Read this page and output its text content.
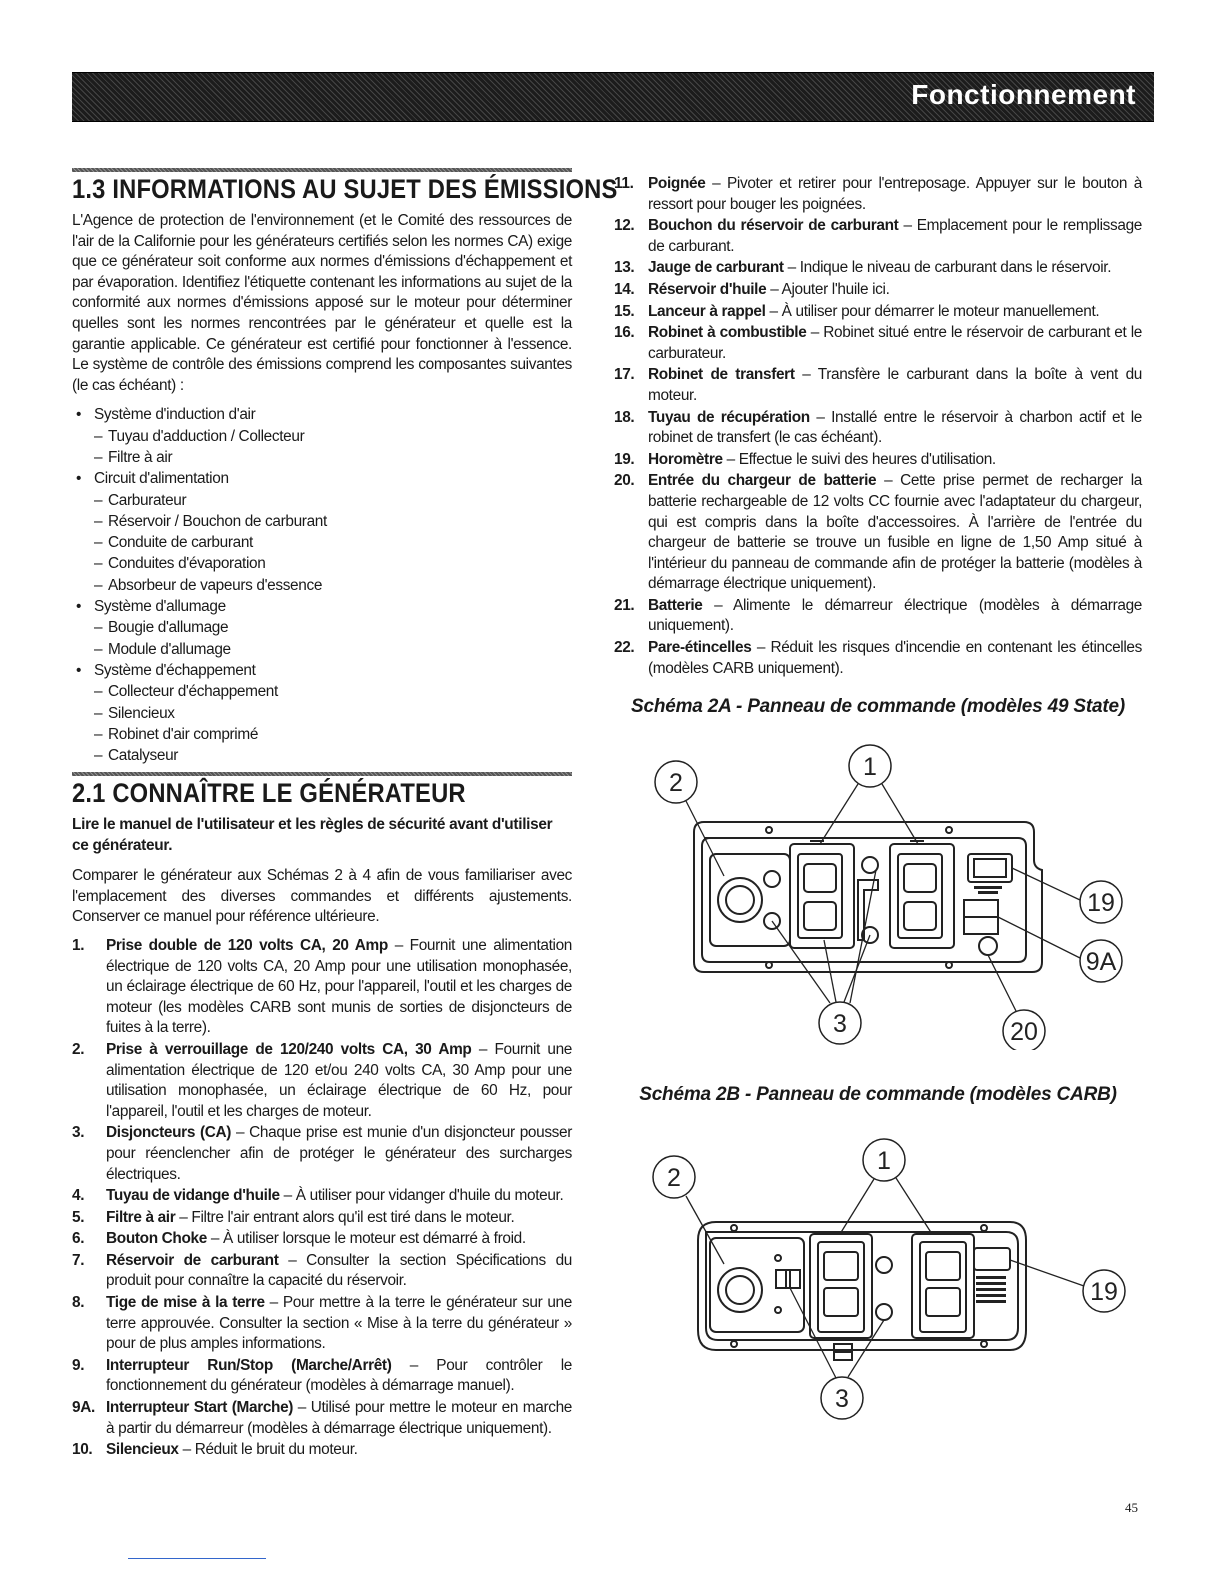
Fonctionnement
1.3 INFORMATIONS AU SUJET DES ÉMISSIONS

L'Agence de protection de l'environnement (et le Comité des ressources de l'air de la Californie pour les générateurs certifiés selon les normes CA) exige que ce générateur soit conforme aux normes d'émissions d'échappement et par évaporation. Identifiez l'étiquette contenant les informations au sujet de la conformité aux normes d'émissions apposé sur le moteur pour déterminer quelles sont les normes rencontrées par le générateur et quelle est la garantie applicable. Ce générateur est certifié pour fonctionner à l'essence. Le système de contrôle des émissions comprend les composantes suivantes (le cas échéant) :

• Système d'induction d'air
– Tuyau d'adduction / Collecteur
– Filtre à air
• Circuit d'alimentation
– Carburateur
– Réservoir / Bouchon de carburant
– Conduite de carburant
– Conduites d'évaporation
– Absorbeur de vapeurs d'essence
• Système d'allumage
– Bougie d'allumage
– Module d'allumage
• Système d'échappement
– Collecteur d'échappement
– Silencieux
– Robinet d'air comprimé
– Catalyseur
2.1 CONNAÎTRE LE GÉNÉRATEUR

Lire le manuel de l'utilisateur et les règles de sécurité avant d'utiliser ce générateur.

Comparer le générateur aux Schémas 2 à 4 afin de vous familiariser avec l'emplacement des diverses commandes et différents ajustements. Conserver ce manuel pour référence ultérieure.

1. Prise double de 120 volts CA, 20 Amp – Fournit une alimentation électrique de 120 volts CA, 20 Amp pour une utilisation monophasée, un éclairage électrique de 60 Hz, pour l'appareil, l'outil et les charges de moteur (les modèles CARB sont munis de sorties de disjoncteurs de fuites à la terre).
2. Prise à verrouillage de 120/240 volts CA, 30 Amp – Fournit une alimentation électrique de 120 et/ou 240 volts CA, 30 Amp pour une utilisation monophasée, un éclairage électrique de 60 Hz, pour l'appareil, l'outil et les charges de moteur.
3. Disjoncteurs (CA) – Chaque prise est munie d'un disjoncteur pousser pour réenclencher afin de protéger le générateur des surcharges électriques.
4. Tuyau de vidange d'huile – À utiliser pour vidanger d'huile du moteur.
5. Filtre à air – Filtre l'air entrant alors qu'il est tiré dans le moteur.
6. Bouton Choke – À utiliser lorsque le moteur est démarré à froid.
7. Réservoir de carburant – Consulter la section Spécifications du produit pour connaître la capacité du réservoir.
8. Tige de mise à la terre – Pour mettre à la terre le générateur sur une terre approuvée. Consulter la section « Mise à la terre du générateur » pour de plus amples informations.
9. Interrupteur Run/Stop (Marche/Arrêt) – Pour contrôler le fonctionnement du générateur (modèles à démarrage manuel).
9A. Interrupteur Start (Marche) – Utilisé pour mettre le moteur en marche à partir du démarreur (modèles à démarrage électrique uniquement).
10. Silencieux – Réduit le bruit du moteur.
11. Poignée – Pivoter et retirer pour l'entreposage. Appuyer sur le bouton à ressort pour bouger les poignées.
12. Bouchon du réservoir de carburant – Emplacement pour le remplissage de carburant.
13. Jauge de carburant – Indique le niveau de carburant dans le réservoir.
14. Réservoir d'huile – Ajouter l'huile ici.
15. Lanceur à rappel – À utiliser pour démarrer le moteur manuellement.
16. Robinet à combustible – Robinet situé entre le réservoir de carburant et le carburateur.
17. Robinet de transfert – Transfère le carburant dans la boîte à vent du moteur.
18. Tuyau de récupération – Installé entre le réservoir à charbon actif et le robinet de transfert (le cas échéant).
19. Horomètre – Effectue le suivi des heures d'utilisation.
20. Entrée du chargeur de batterie – Cette prise permet de recharger la batterie rechargeable de 12 volts CC fournie avec l'adaptateur du chargeur, qui est compris dans la boîte d'accessoires. À l'arrière de l'entrée du chargeur de batterie se trouve un fusible en ligne de 1,50 Amp situé à l'intérieur du panneau de commande afin de protéger la batterie (modèles à démarrage électrique uniquement).
21. Batterie – Alimente le démarreur électrique (modèles à démarrage uniquement).
22. Pare-étincelles – Réduit les risques d'incendie en contenant les étincelles (modèles CARB uniquement).
Schéma 2A - Panneau de commande (modèles 49 State)
2
1
3	20
19
9A
Schéma 2B - Panneau de commande (modèles CARB)
2
1
3
19
45
